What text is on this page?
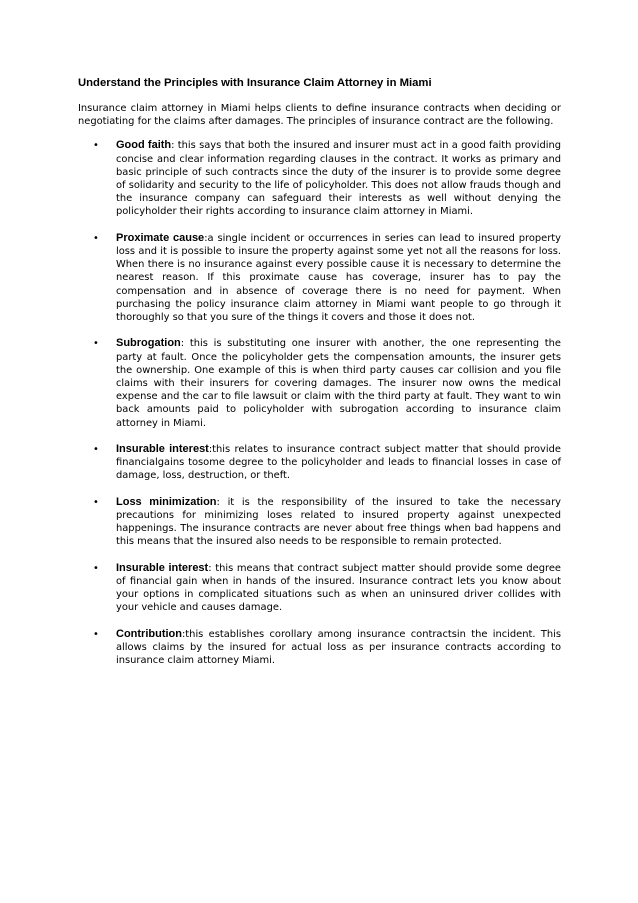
Understand the Principles with Insurance Claim Attorney in Miami

Insurance claim attorney in Miami helps clients to define insurance contracts when deciding or negotiating for the claims after damages. The principles of insurance contract are the following.

• Good faith: this says that both the insured and insurer must act in a good faith providing concise and clear information regarding clauses in the contract. It works as primary and basic principle of such contracts since the duty of the insurer is to provide some degree of solidarity and security to the life of policyholder. This does not allow frauds though and the insurance company can safeguard their interests as well without denying the policyholder their rights according to insurance claim attorney in Miami.
• Proximate cause:a single incident or occurrences in series can lead to insured property loss and it is possible to insure the property against some yet not all the reasons for loss. When there is no insurance against every possible cause it is necessary to determine the nearest reason. If this proximate cause has coverage, insurer has to pay the compensation and in absence of coverage there is no need for payment. When purchasing the policy insurance claim attorney in Miami want people to go through it thoroughly so that you sure of the things it covers and those it does not.
• Subrogation: this is substituting one insurer with another, the one representing the party at fault. Once the policyholder gets the compensation amounts, the insurer gets the ownership. One example of this is when third party causes car collision and you file claims with their insurers for covering damages. The insurer now owns the medical expense and the car to file lawsuit or claim with the third party at fault. They want to win back amounts paid to policyholder with subrogation according to insurance claim attorney in Miami.
• Insurable interest:this relates to insurance contract subject matter that should provide financialgains tosome degree to the policyholder and leads to financial losses in case of damage, loss, destruction, or theft.
• Loss minimization: it is the responsibility of the insured to take the necessary precautions for minimizing loses related to insured property against unexpected happenings. The insurance contracts are never about free things when bad happens and this means that the insured also needs to be responsible to remain protected.
• Insurable interest: this means that contract subject matter should provide some degree of financial gain when in hands of the insured. Insurance contract lets you know about your options in complicated situations such as when an uninsured driver collides with your vehicle and causes damage.
• Contribution:this establishes corollary among insurance contractsin the incident. This allows claims by the insured for actual loss as per insurance contracts according to insurance claim attorney Miami.
